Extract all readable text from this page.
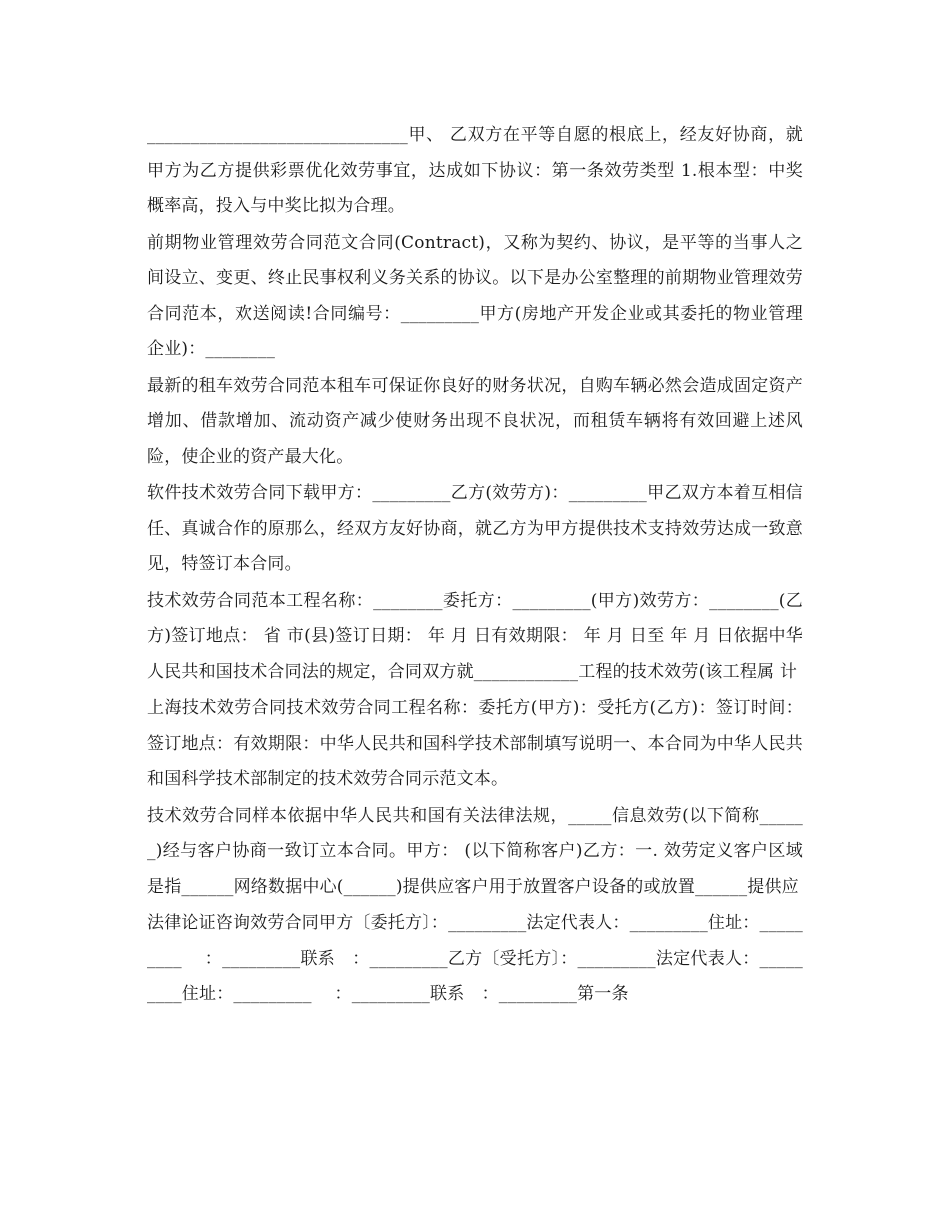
______________________________甲、 乙双方在平等自愿的根底上，经友好协商，就甲方为乙方提供彩票优化效劳事宜，达成如下协议：第一条效劳类型 1.根本型：中奖概率高，投入与中奖比拟为合理。

前期物业管理效劳合同范文合同(Contract)，又称为契约、协议，是平等的当事人之间设立、变更、终止民事权利义务关系的协议。以下是办公室整理的前期物业管理效劳合同范本，欢送阅读!合同编号：_________甲方(房地产开发企业或其委托的物业管理企业)：________

最新的租车效劳合同范本租车可保证你良好的财务状况，自购车辆必然会造成固定资产增加、借款增加、流动资产减少使财务出现不良状况，而租赁车辆将有效回避上述风险，使企业的资产最大化。

软件技术效劳合同下载甲方：_________乙方(效劳方)：_________甲乙双方本着互相信任、真诚合作的原那么，经双方友好协商，就乙方为甲方提供技术支持效劳达成一致意见，特签订本合同。

技术效劳合同范本工程名称：________委托方：_________(甲方)效劳方：________(乙方)签订地点： 省 市(县)签订日期： 年 月 日有效期限： 年 月 日至 年 月 日依据中华人民共和国技术合同法的规定，合同双方就____________工程的技术效劳(该工程属 计

上海技术效劳合同技术效劳合同工程名称：委托方(甲方)：受托方(乙方)：签订时间：签订地点：有效期限：中华人民共和国科学技术部制填写说明一、本合同为中华人民共和国科学技术部制定的技术效劳合同示范文本。

技术效劳合同样本依据中华人民共和国有关法律法规，_____信息效劳(以下简称______)经与客户协商一致订立本合同。甲方： (以下简称客户)乙方：一. 效劳定义客户区域是指______网络数据中心(______)提供应客户用于放置客户设备的或放置______提供应

法律论证咨询效劳合同甲方〔委托方〕：_________法定代表人：_________住址：_________　 ：_________联系　：_________乙方〔受托方〕：_________法定代表人：_________住址：_________　 ：_________联系　：_________第一条
